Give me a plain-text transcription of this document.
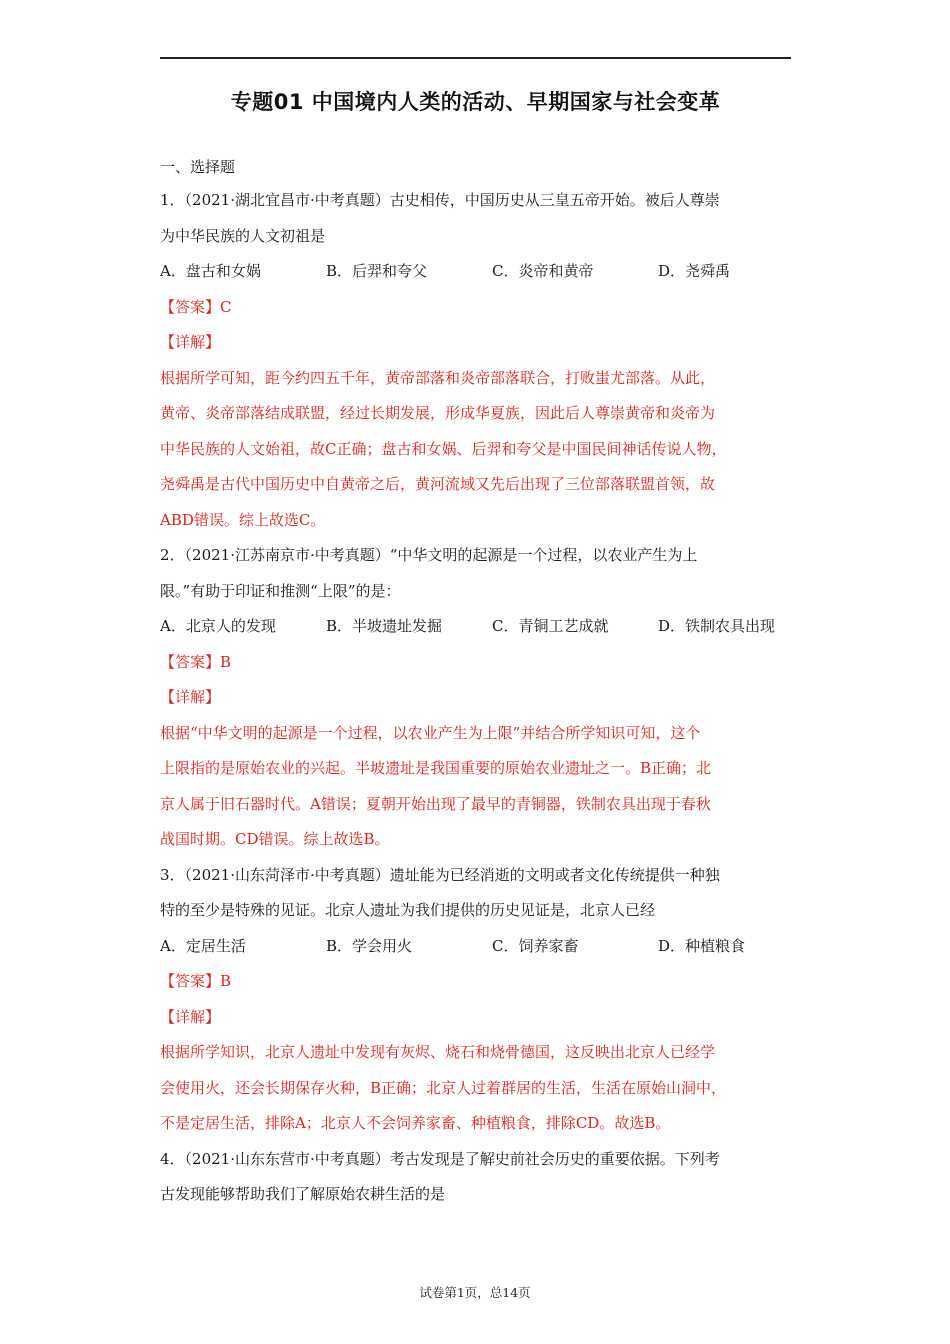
专题01 中国境内人类的活动、早期国家与社会变革
一、选择题
1．（2021·湖北宜昌市·中考真题）古史相传，中国历史从三皇五帝开始。被后人尊崇
为中华民族的人文初祖是
A．盘古和女娲	B．后羿和夸父	C．炎帝和黄帝	D．尧舜禹
【答案】C
【详解】
根据所学可知，距今约四五千年，黄帝部落和炎帝部落联合，打败蚩尤部落。从此，
黄帝、炎帝部落结成联盟，经过长期发展，形成华夏族，因此后人尊崇黄帝和炎帝为
中华民族的人文始祖，故C正确；盘古和女娲、后羿和夸父是中国民间神话传说人物，
尧舜禹是古代中国历史中自黄帝之后，黄河流域又先后出现了三位部落联盟首领，故
ABD错误。综上故选C。
2．（2021·江苏南京市·中考真题）“中华文明的起源是一个过程，以农业产生为上
限。”有助于印证和推测“上限”的是：
A．北京人的发现	B．半坡遗址发掘	C．青铜工艺成就	D．铁制农具出现
【答案】B
【详解】
根据“中华文明的起源是一个过程，以农业产生为上限”并结合所学知识可知，这个
上限指的是原始农业的兴起。半坡遗址是我国重要的原始农业遗址之一。B正确；北
京人属于旧石器时代。A错误；夏朝开始出现了最早的青铜器，铁制农具出现于春秋
战国时期。CD错误。综上故选B。
3．（2021·山东菏泽市·中考真题）遗址能为已经消逝的文明或者文化传统提供一种独
特的至少是特殊的见证。北京人遗址为我们提供的历史见证是，北京人已经
A．定居生活	B．学会用火	C．饲养家畜	D．种植粮食
【答案】B
【详解】
根据所学知识，北京人遗址中发现有灰烬、烧石和烧骨德国，这反映出北京人已经学
会使用火，还会长期保存火种，B正确；北京人过着群居的生活，生活在原始山洞中，
不是定居生活，排除A；北京人不会饲养家畜、种植粮食，排除CD。故选B。
4．（2021·山东东营市·中考真题）考古发现是了解史前社会历史的重要依据。下列考
古发现能够帮助我们了解原始农耕生活的是
试卷第1页，总14页
